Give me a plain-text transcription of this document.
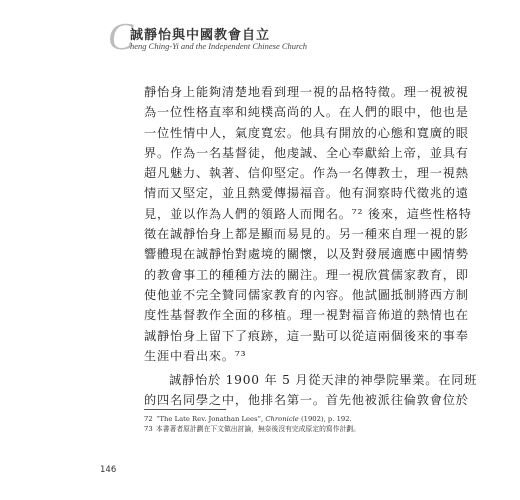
C
誠靜怡與中國教會自立
heng Ching-Yi and the Independent Chinese Church
靜怡身上能夠清楚地看到理一視的品格特徵。理一視被視
為一位性格直率和純樸高尚的人。在人們的眼中，他也是
一位性情中人，氣度寬宏。他具有開放的心態和寬廣的眼
界。作為一名基督徒，他虔誠、全心奉獻給上帝，並具有
超凡魅力、執著、信仰堅定。作為一名傳教士，理一視熱
情而又堅定，並且熱愛傳揚福音。他有洞察時代徵兆的遠
見，並以作為人們的領路人而聞名。⁷² 後來，這些性格特
徵在誠靜怡身上都是顯而易見的。另一種來自理一視的影
響體現在誠靜怡對處境的關懷，以及對發展適應中國情勢
的教會事工的種種方法的關注。理一視欣賞儒家教育，即
使他並不完全贊同儒家教育的內容。他試圖抵制將西方制
度性基督教作全面的移植。理一視對福音佈道的熱情也在
誠靜怡身上留下了痕跡，這一點可以從這兩個後來的事奉
生涯中看出來。⁷³
誠靜怡於 1900 年 5 月從天津的神學院畢業。在同班
的四名同學之中，他排名第一。首先他被派往倫敦會位於
72 “The Late Rev. Jonathan Lees”, Chronicle (1902), p. 192.
73 本書著者原計劃在下文做出討論，無奈後沒有完成原定的寫作計劃。
146
